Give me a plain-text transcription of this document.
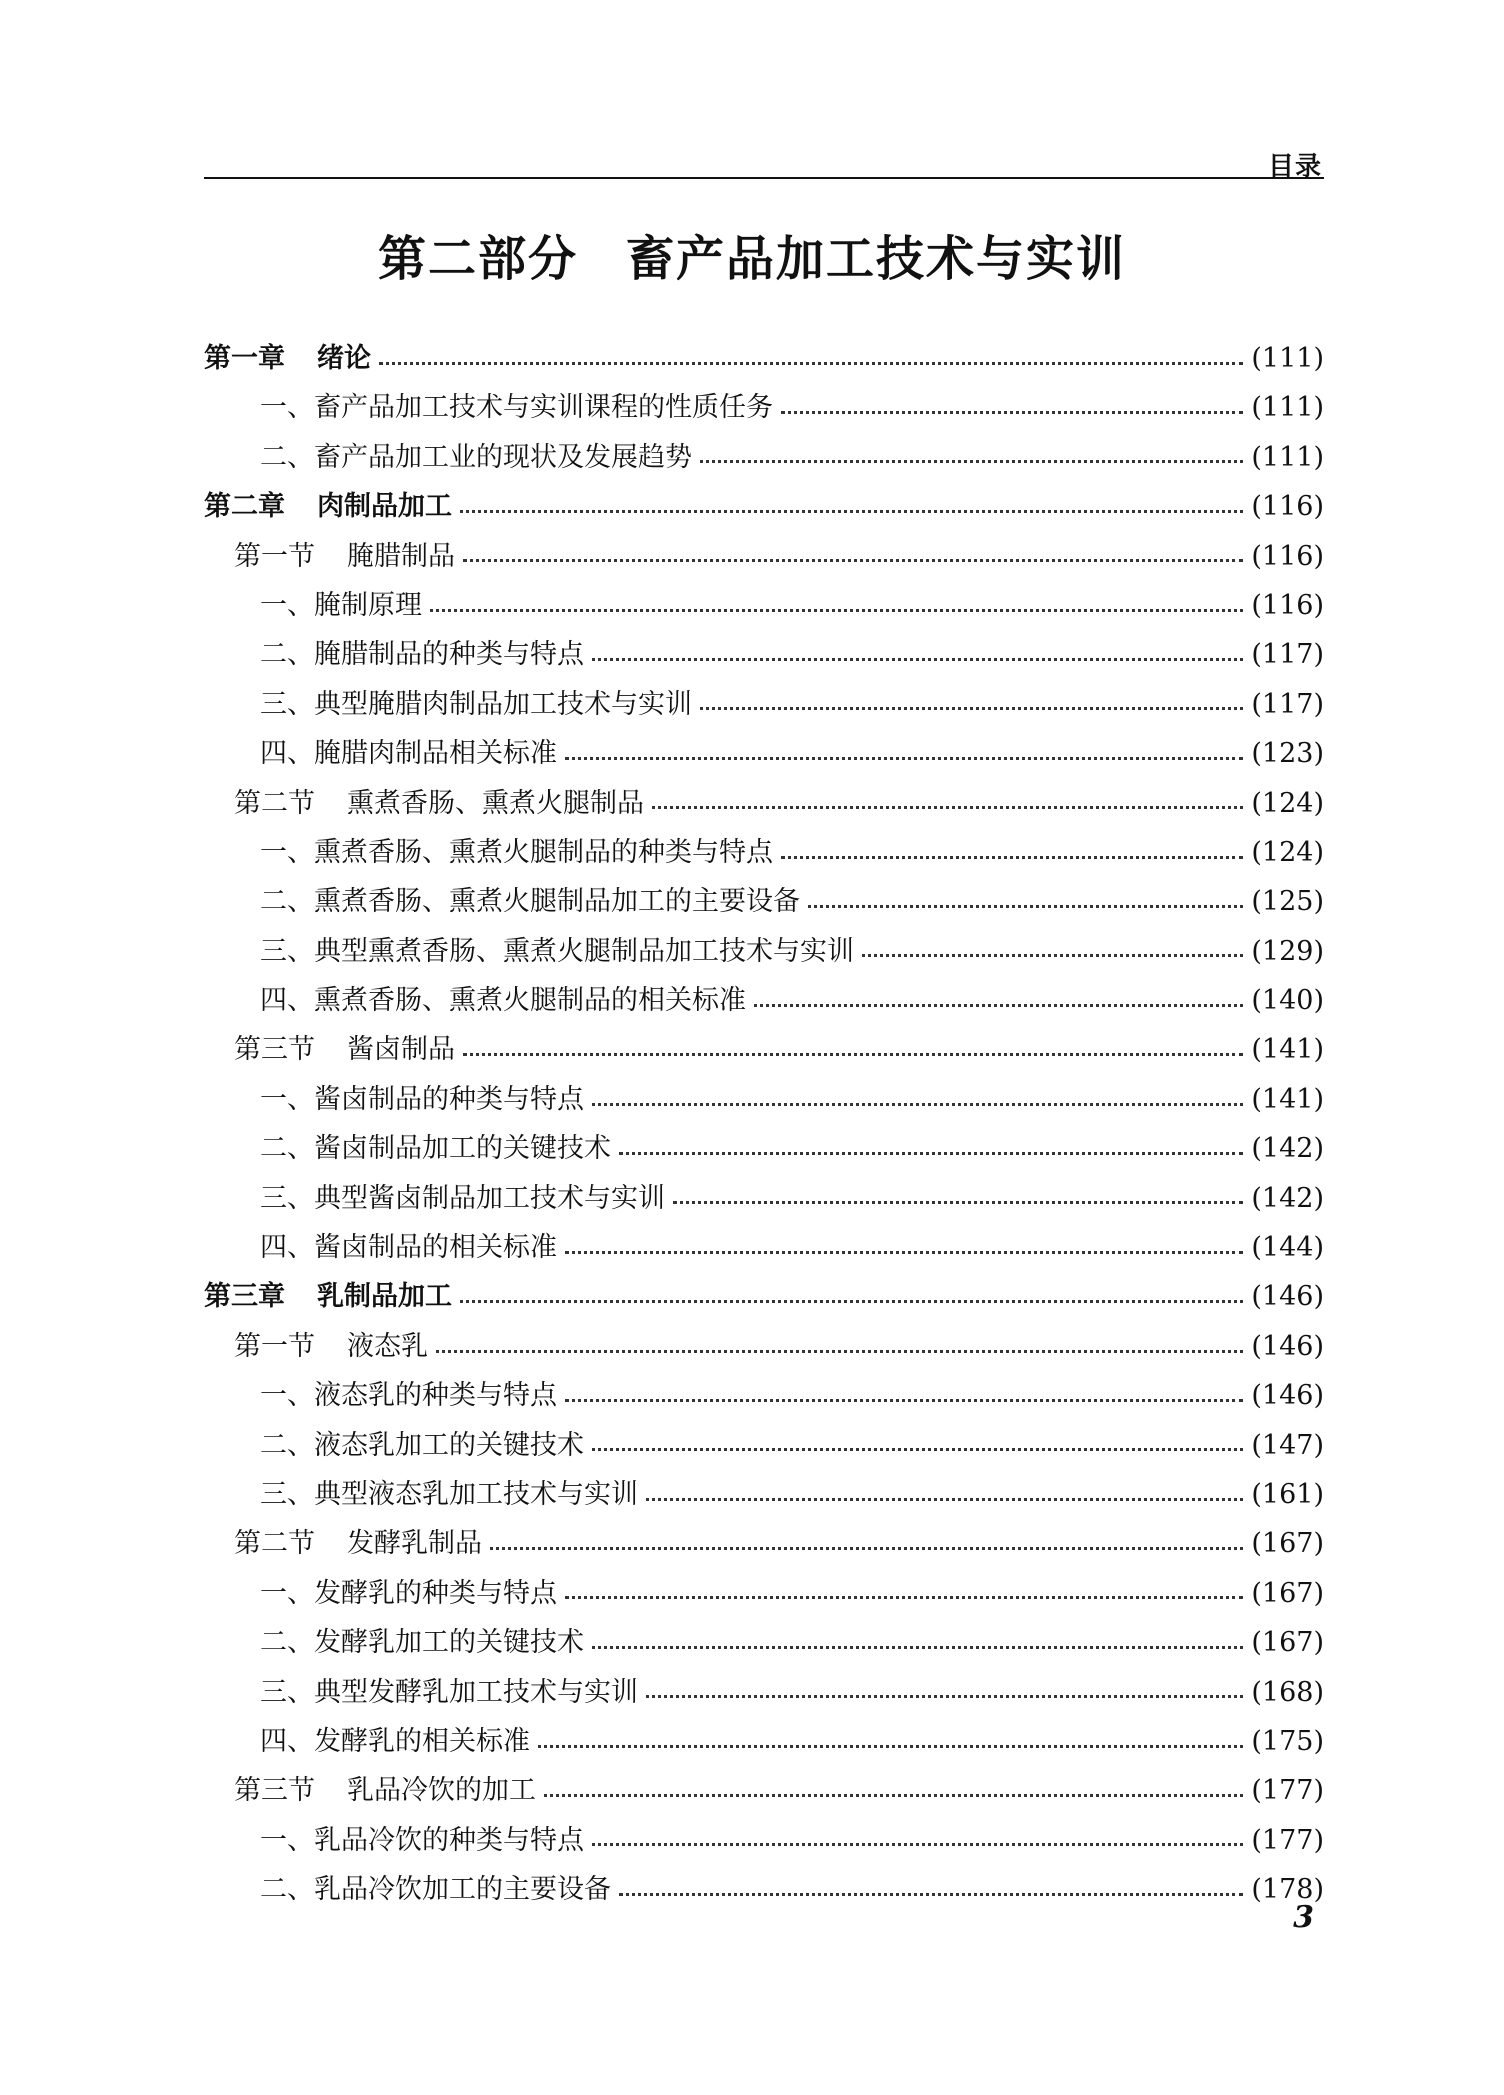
目录
第二部分 畜产品加工技术与实训
第一章 绪论	(111)
一、畜产品加工技术与实训课程的性质任务	(111)
二、畜产品加工业的现状及发展趋势	(111)
第二章 肉制品加工	(116)
第一节 腌腊制品	(116)
一、腌制原理	(116)
二、腌腊制品的种类与特点	(117)
三、典型腌腊肉制品加工技术与实训	(117)
四、腌腊肉制品相关标准	(123)
第二节 熏煮香肠、熏煮火腿制品	(124)
一、熏煮香肠、熏煮火腿制品的种类与特点	(124)
二、熏煮香肠、熏煮火腿制品加工的主要设备	(125)
三、典型熏煮香肠、熏煮火腿制品加工技术与实训	(129)
四、熏煮香肠、熏煮火腿制品的相关标准	(140)
第三节 酱卤制品	(141)
一、酱卤制品的种类与特点	(141)
二、酱卤制品加工的关键技术	(142)
三、典型酱卤制品加工技术与实训	(142)
四、酱卤制品的相关标准	(144)
第三章 乳制品加工	(146)
第一节 液态乳	(146)
一、液态乳的种类与特点	(146)
二、液态乳加工的关键技术	(147)
三、典型液态乳加工技术与实训	(161)
第二节 发酵乳制品	(167)
一、发酵乳的种类与特点	(167)
二、发酵乳加工的关键技术	(167)
三、典型发酵乳加工技术与实训	(168)
四、发酵乳的相关标准	(175)
第三节 乳品冷饮的加工	(177)
一、乳品冷饮的种类与特点	(177)
二、乳品冷饮加工的主要设备	(178)
3
